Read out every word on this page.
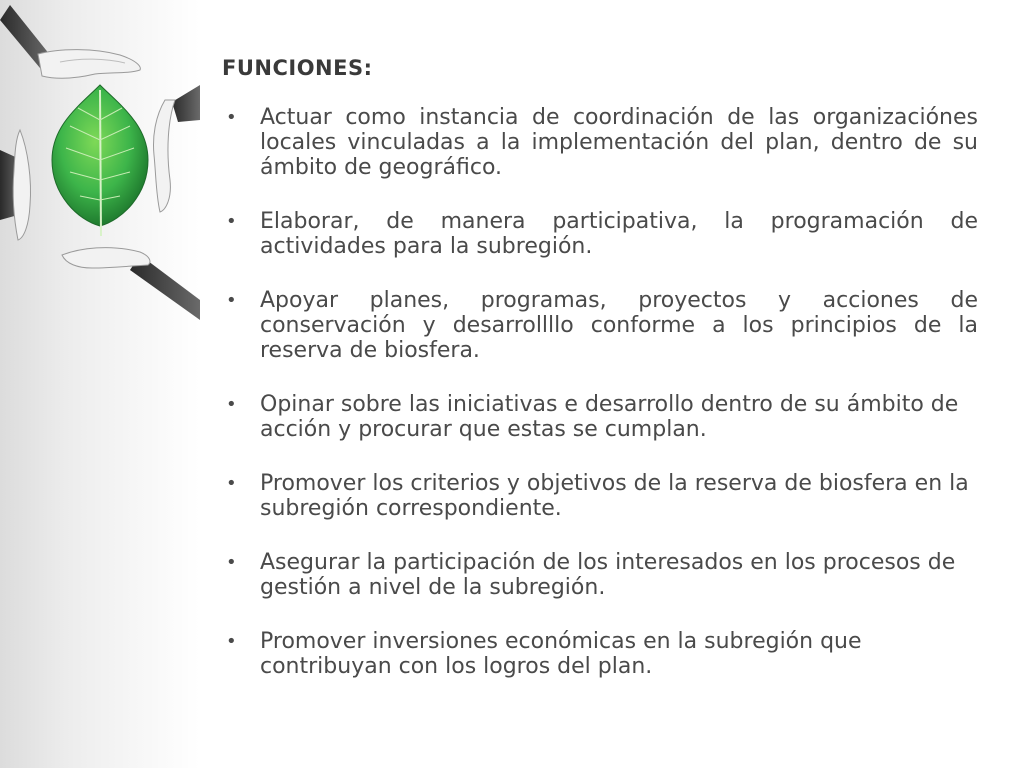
FUNCIONES:
• Actuar como instancia de coordinación de las organizaciónes locales vinculadas a la implementación del plan, dentro de su ámbito de geográfico.
• Elaborar, de manera participativa, la programación de actividades para la subregión.
• Apoyar planes, programas, proyectos y acciones de conservación y desarrollllo conforme a los principios de la reserva de biosfera.
• Opinar sobre las iniciativas e desarrollo dentro de su ámbito de acción y procurar que estas se cumplan.
• Promover los criterios y objetivos de la reserva de biosfera en la subregión correspondiente.
• Asegurar la participación de los interesados en los procesos de gestión a nivel de la subregión.
• Promover inversiones económicas en la subregión que contribuyan con los logros del plan.
